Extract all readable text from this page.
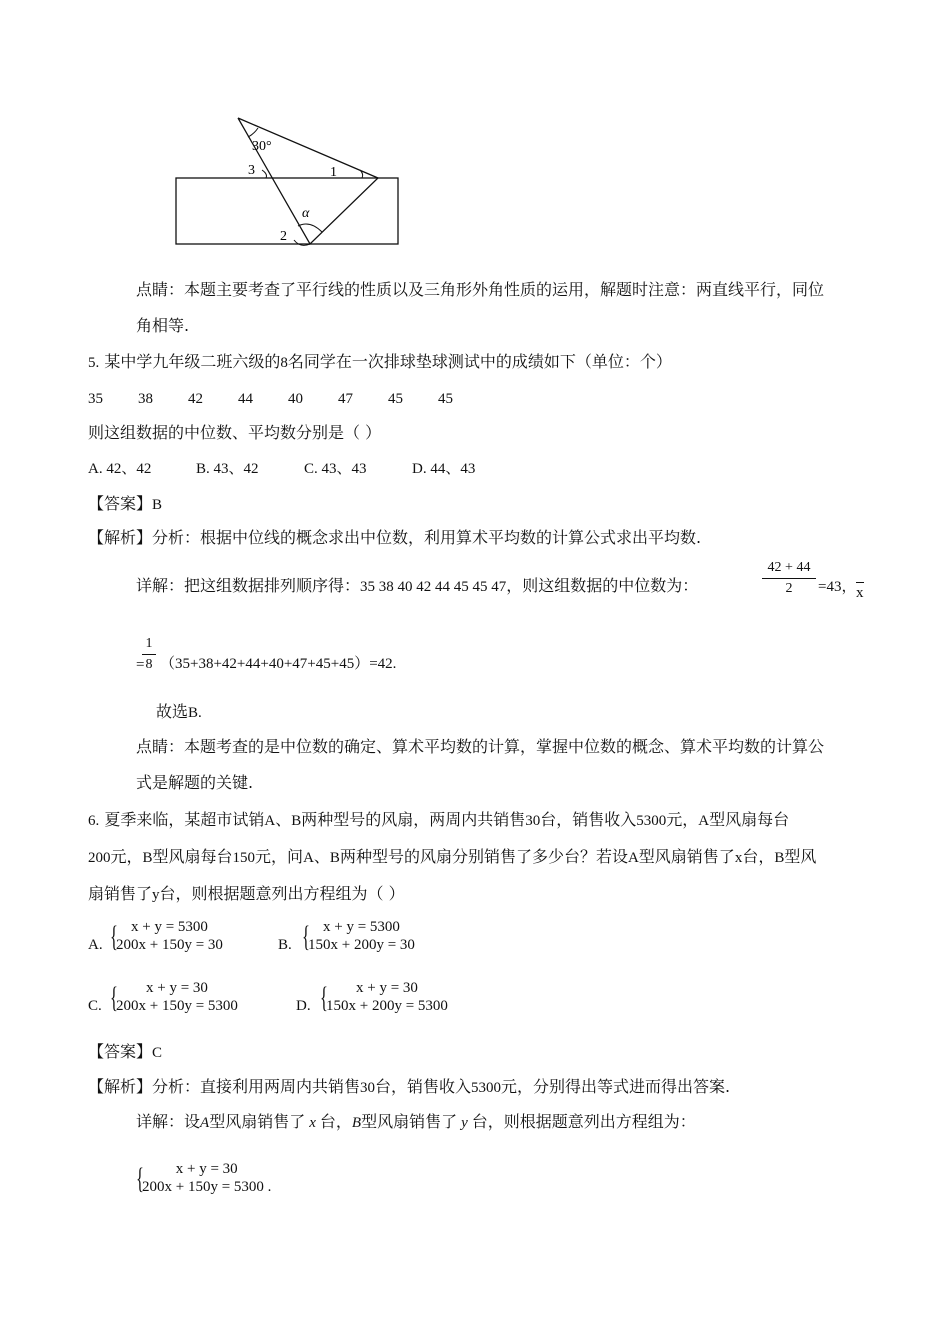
30°
3	1
α
2
点睛：本题主要考查了平行线的性质以及三角形外角性质的运用，解题时注意：两直线平行，同位
角相等.
5. 某中学九年级二班六级的8名同学在一次排球垫球测试中的成绩如下（单位：个）
35 38 42 44 40 47 45 45
则这组数据的中位数、平均数分别是（ ）
A. 42、42	B. 43、42	C. 43、43	D. 44、43
【答案】B
【解析】分析：根据中位线的概念求出中位数，利用算术平均数的计算公式求出平均数.
详解：把这组数据排列顺序得：35 38 40 42 44 45 45 47，则这组数据的中位数为：
42 + 44
2	=43， x
=
1
8 （35+38+42+44+40+47+45+45）=42.
故选B.
点睛：本题考查的是中位数的确定、算术平均数的计算，掌握中位数的概念、算术平均数的计算公
式是解题的关键.
6. 夏季来临，某超市试销A、B两种型号的风扇，两周内共销售30台，销售收入5300元，A型风扇每台
200元，B型风扇每台150元，问A、B两种型号的风扇分别销售了多少台？若设A型风扇销售了x台，B型风
扇销售了y台，则根据题意列出方程组为（ ）
A. { x + y = 5300
200x + 150y = 30	B. { x + y = 5300
150x + 200y = 30
C. {	x + y = 30
200x + 150y = 5300	D. {	x + y = 30
150x + 200y = 5300
【答案】C
【解析】分析：直接利用两周内共销售30台，销售收入5300元，分别得出等式进而得出答案.
详解：设A型风扇销售了 x 台，B型风扇销售了 y 台，则根据题意列出方程组为：
{	x + y = 30
200x + 150y = 5300 .
